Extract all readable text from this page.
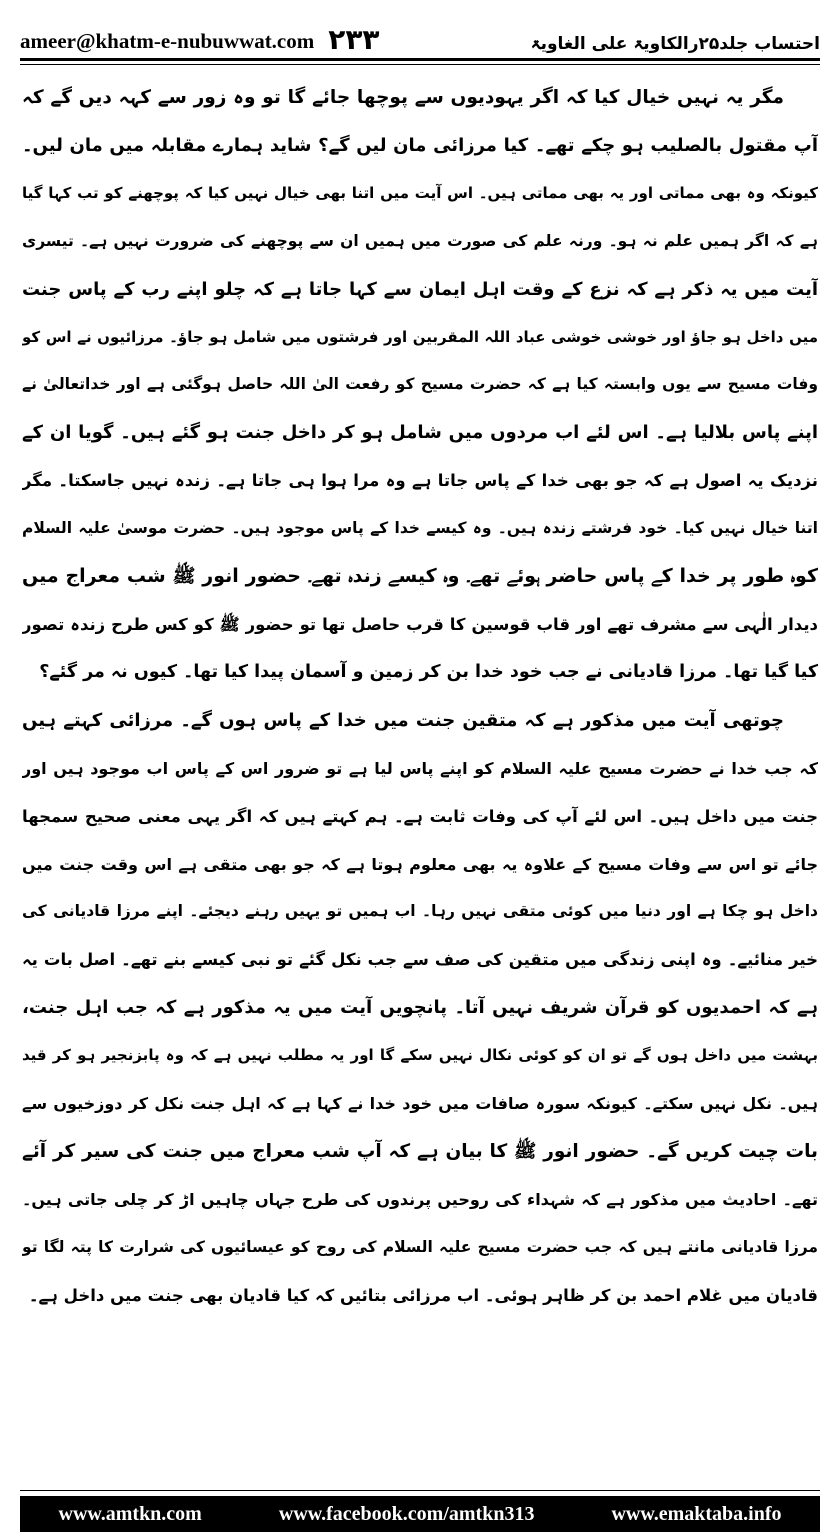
ameer@khatm-e-nubuwwat.com ۲۳۳	احتساب جلد۲۵رالکاویۃ علی الغاویۃ
مگر یہ نہیں خیال کیا کہ اگر یہودیوں سے پوچھا جائے گا تو وہ زور سے کہہ دیں گے کہ
آپ مقتول بالصلیب ہو چکے تھے۔ کیا مرزائی مان لیں گے؟ شاید ہمارے مقابلہ میں مان لیں۔
کیونکہ وہ بھی مماتی اور یہ بھی مماتی ہیں۔ اس آیت میں اتنا بھی خیال نہیں کیا کہ پوچھنے کو تب کہا گیا
ہے کہ اگر ہمیں علم نہ ہو۔ ورنہ علم کی صورت میں ہمیں ان سے پوچھنے کی ضرورت نہیں ہے۔ تیسری
آیت میں یہ ذکر ہے کہ نزع کے وقت اہل ایمان سے کہا جاتا ہے کہ چلو اپنے رب کے پاس جنت
میں داخل ہو جاؤ اور خوشی خوشی عباد اللہ المقربین اور فرشتوں میں شامل ہو جاؤ۔ مرزائیوں نے اس کو
وفات مسیح سے یوں وابستہ کیا ہے کہ حضرت مسیح کو رفعت الیٰ اللہ حاصل ہوگئی ہے اور خداتعالیٰ نے
اپنے پاس بلالیا ہے۔ اس لئے اب مردوں میں شامل ہو کر داخل جنت ہو گئے ہیں۔ گویا ان کے
نزدیک یہ اصول ہے کہ جو بھی خدا کے پاس جاتا ہے وہ مرا ہوا ہی جاتا ہے۔ زندہ نہیں جاسکتا۔ مگر
اتنا خیال نہیں کیا۔ خود فرشتے زندہ ہیں۔ وہ کیسے خدا کے پاس موجود ہیں۔ حضرت موسیٰ علیہ السلام
کوہ طور پر خدا کے پاس حاضر ہوئے تھے۔ وہ کیسے زندہ تھے۔ حضور انور ﷺ شب معراج میں
دیدار الٰہی سے مشرف تھے اور قاب قوسین کا قرب حاصل تھا تو حضور ﷺ کو کس طرح زندہ تصور
کیا گیا تھا۔ مرزا قادیانی نے جب خود خدا بن کر زمین و آسمان پیدا کیا تھا۔ کیوں نہ مر گئے؟
چوتھی آیت میں مذکور ہے کہ متقین جنت میں خدا کے پاس ہوں گے۔ مرزائی کہتے ہیں
کہ جب خدا نے حضرت مسیح علیہ السلام کو اپنے پاس لیا ہے تو ضرور اس کے پاس اب موجود ہیں اور
جنت میں داخل ہیں۔ اس لئے آپ کی وفات ثابت ہے۔ ہم کہتے ہیں کہ اگر یہی معنی صحیح سمجھا
جائے تو اس سے وفات مسیح کے علاوہ یہ بھی معلوم ہوتا ہے کہ جو بھی متقی ہے اس وقت جنت میں
داخل ہو چکا ہے اور دنیا میں کوئی متقی نہیں رہا۔ اب ہمیں تو یہیں رہنے دیجئے۔ اپنے مرزا قادیانی کی
خیر منائیے۔ وہ اپنی زندگی میں متقین کی صف سے جب نکل گئے تو نبی کیسے بنے تھے۔ اصل بات یہ
ہے کہ احمدیوں کو قرآن شریف نہیں آتا۔ پانچویں آیت میں یہ مذکور ہے کہ جب اہل جنت،
بہشت میں داخل ہوں گے تو ان کو کوئی نکال نہیں سکے گا اور یہ مطلب نہیں ہے کہ وہ پابزنجیر ہو کر قید
ہیں۔ نکل نہیں سکتے۔ کیونکہ سورہ صافات میں خود خدا نے کہا ہے کہ اہل جنت نکل کر دوزخیوں سے
بات چیت کریں گے۔ حضور انور ﷺ کا بیان ہے کہ آپ شب معراج میں جنت کی سیر کر آئے
تھے۔ احادیث میں مذکور ہے کہ شہداء کی روحیں پرندوں کی طرح جہاں چاہیں اڑ کر چلی جاتی ہیں۔
مرزا قادیانی مانتے ہیں کہ جب حضرت مسیح علیہ السلام کی روح کو عیسائیوں کی شرارت کا پتہ لگا تو
قادیان میں غلام احمد بن کر ظاہر ہوئی۔ اب مرزائی بتائیں کہ کیا قادیان بھی جنت میں داخل ہے۔
www.amtkn.com	www.facebook.com/amtkn313	www.emaktaba.info
